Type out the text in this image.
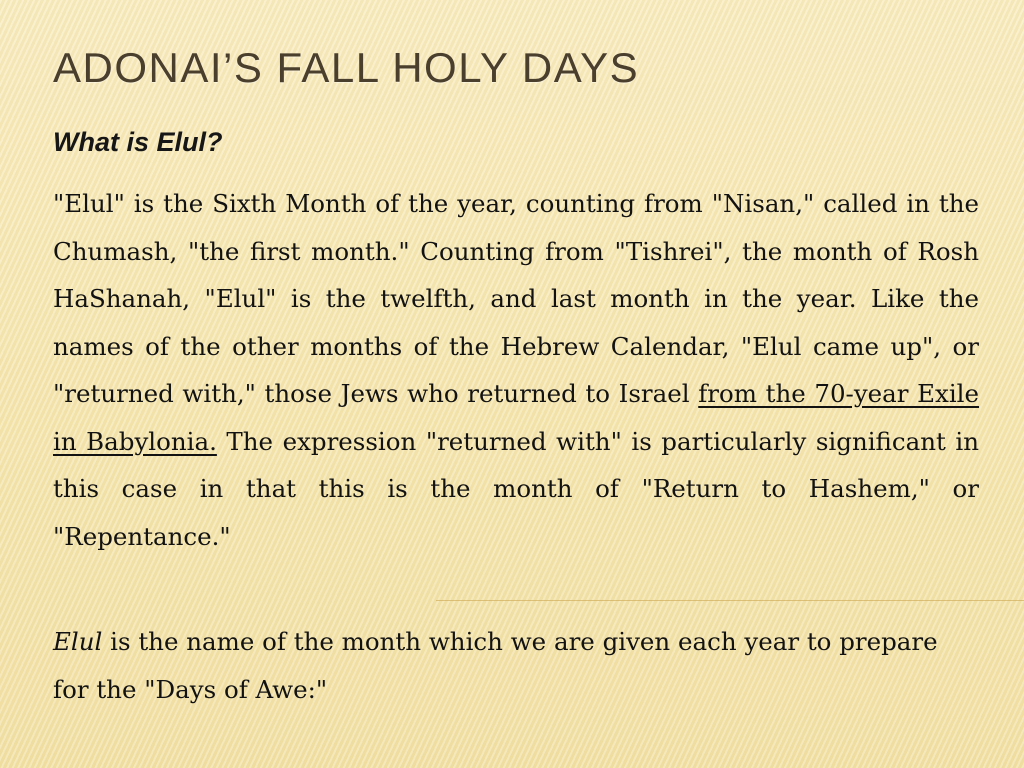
ADONAI’S FALL HOLY DAYS
What is Elul?

"Elul" is the Sixth Month of the year, counting from "Nisan," called in the Chumash, "the first month." Counting from "Tishrei", the month of Rosh HaShanah, "Elul" is the twelfth, and last month in the year. Like the names of the other months of the Hebrew Calendar, "Elul came up", or "returned with," those Jews who returned to Israel from the 70-year Exile in Babylonia. The expression "returned with" is particularly significant in this case in that this is the month of "Return to Hashem," or "Repentance."

Elul is the name of the month which we are given each year to prepare for the "Days of Awe:"
